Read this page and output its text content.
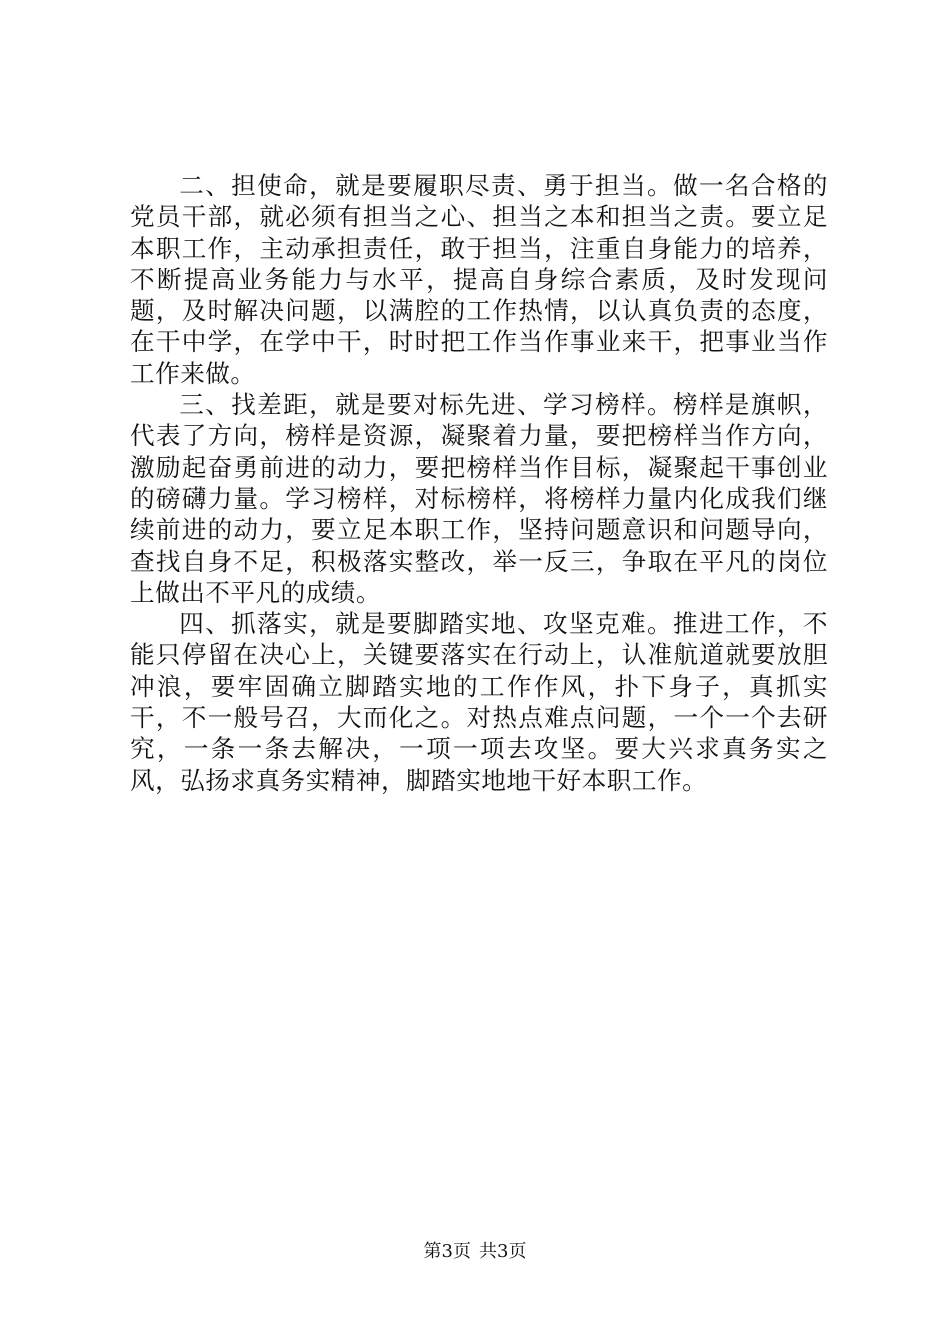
二、担使命，就是要履职尽责、勇于担当。做一名合格的党员干部，就必须有担当之心、担当之本和担当之责。要立足本职工作，主动承担责任，敢于担当，注重自身能力的培养，不断提高业务能力与水平，提高自身综合素质，及时发现问题，及时解决问题，以满腔的工作热情，以认真负责的态度，在干中学，在学中干，时时把工作当作事业来干，把事业当作工作来做。

三、找差距，就是要对标先进、学习榜样。榜样是旗帜，代表了方向，榜样是资源，凝聚着力量，要把榜样当作方向，激励起奋勇前进的动力，要把榜样当作目标，凝聚起干事创业的磅礴力量。学习榜样，对标榜样，将榜样力量内化成我们继续前进的动力，要立足本职工作，坚持问题意识和问题导向，查找自身不足，积极落实整改，举一反三，争取在平凡的岗位上做出不平凡的成绩。

四、抓落实，就是要脚踏实地、攻坚克难。推进工作，不能只停留在决心上，关键要落实在行动上，认准航道就要放胆冲浪，要牢固确立脚踏实地的工作作风，扑下身子，真抓实干，不一般号召，大而化之。对热点难点问题，一个一个去研究，一条一条去解决，一项一项去攻坚。要大兴求真务实之风，弘扬求真务实精神，脚踏实地地干好本职工作。

第3页 共3页
